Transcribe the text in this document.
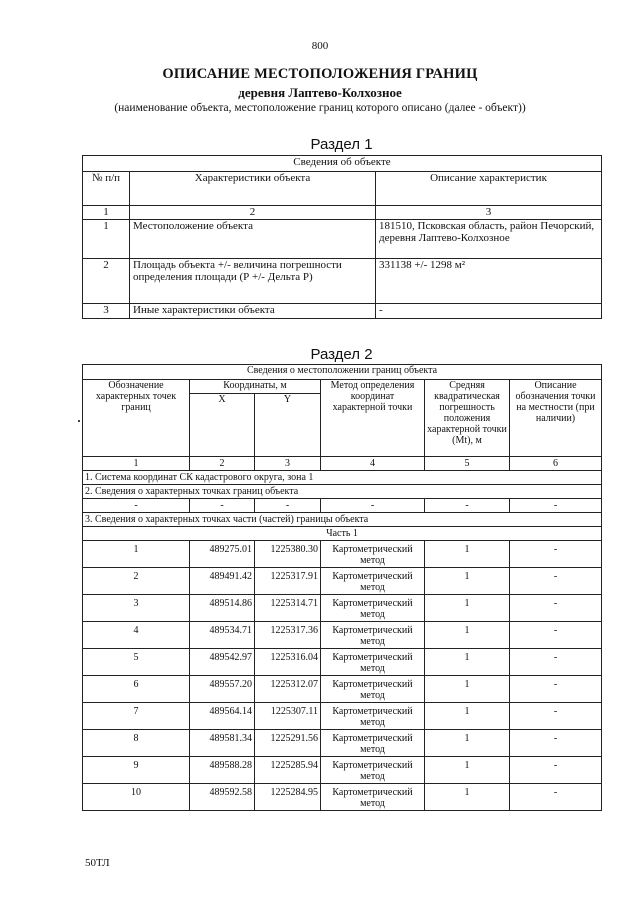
800
ОПИСАНИЕ МЕСТОПОЛОЖЕНИЯ ГРАНИЦ
деревня Лаптево-Колхозное
(наименование объекта, местоположение границ которого описано (далее - объект))
Раздел 1
Сведения об объекте		
№ п/п	Характеристики объекта	Описание характеристик
1	2	3
1	Местоположение объекта	181510, Псковская область, район Печорский, деревня Лаптево-Колхозное
2	Площадь объекта +/- величина погрешности определения площади (Р +/- Дельта Р)	331138 +/- 1298 м²
3	Иные характеристики объекта	-
Раздел 2
Сведения о местоположении границ объекта					
Обозначение характерных точек границ	Координаты, м		Метод определения координат характерной точки	Средняя квадратическая погрешность положения характерной точки (Mt), м	Описание обозначения точки на местности (при наличии)
	X	Y			
1	2	3	4	5	6
1. Система координат СК кадастрового округа, зона 1					
2. Сведения о характерных точках границ объекта					
-	-	-	-	-	-
3. Сведения о характерных точках части (частей) границы объекта					
Часть 1					
1	489275.01	1225380.30	Картометрический метод	1	-
2	489491.42	1225317.91	Картометрический метод	1	-
3	489514.86	1225314.71	Картометрический метод	1	-
4	489534.71	1225317.36	Картометрический метод	1	-
5	489542.97	1225316.04	Картометрический метод	1	-
6	489557.20	1225312.07	Картометрический метод	1	-
7	489564.14	1225307.11	Картометрический метод	1	-
8	489581.34	1225291.56	Картометрический метод	1	-
9	489588.28	1225285.94	Картометрический метод	1	-
10	489592.58	1225284.95	Картометрический метод	1	-
50ТЛ
